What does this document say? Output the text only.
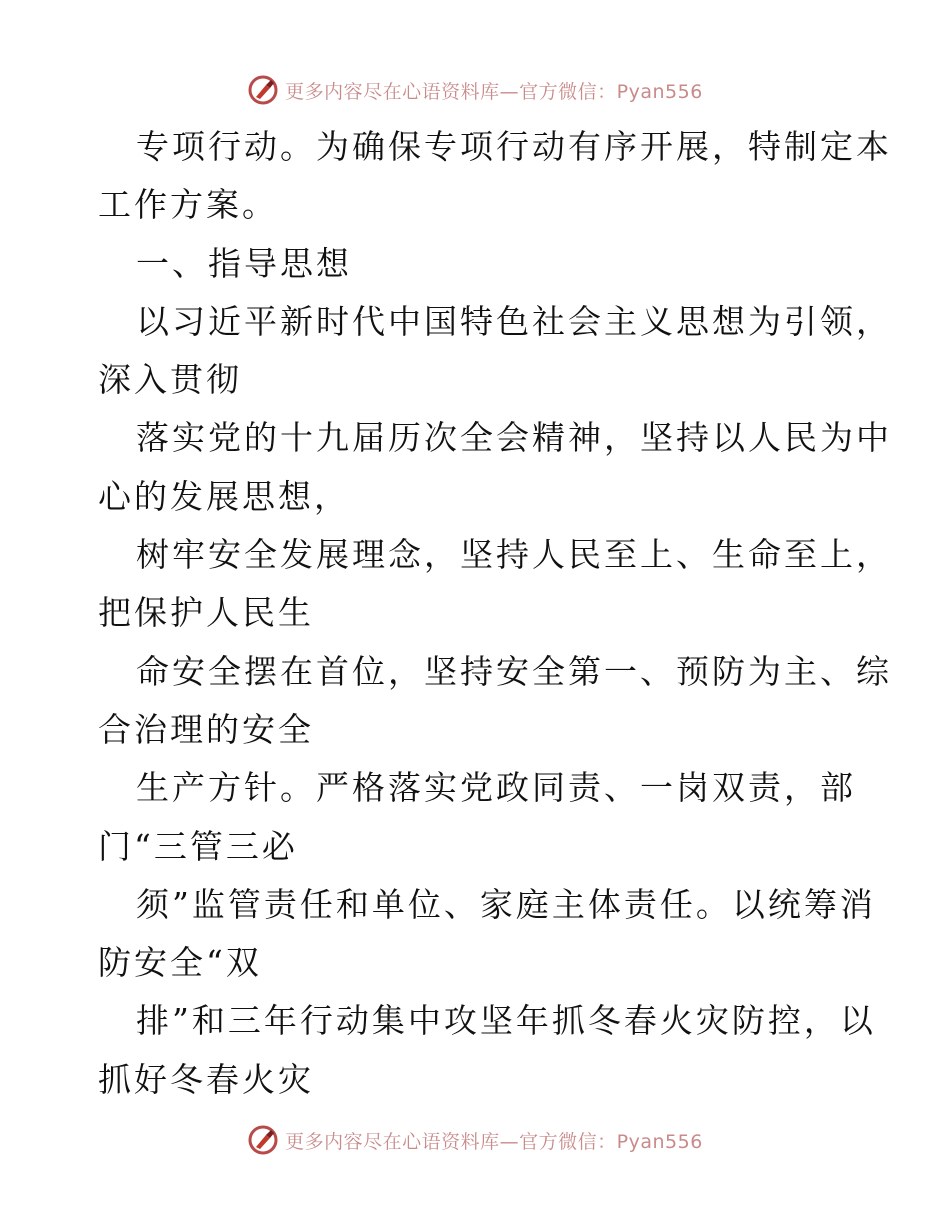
更多内容尽在心语资料库—官方微信：Pyan556
专项行动。为确保专项行动有序开展，特制定本
工作方案。
一、指导思想
以习近平新时代中国特色社会主义思想为引领，
深入贯彻
落实党的十九届历次全会精神，坚持以人民为中
心的发展思想，
树牢安全发展理念，坚持人民至上、生命至上，
把保护人民生
命安全摆在首位，坚持安全第一、预防为主、综
合治理的安全
生产方针。严格落实党政同责、一岗双责，部
门“三管三必
须”监管责任和单位、家庭主体责任。以统筹消
防安全“双
排”和三年行动集中攻坚年抓冬春火灾防控，以
抓好冬春火灾
更多内容尽在心语资料库—官方微信：Pyan556
